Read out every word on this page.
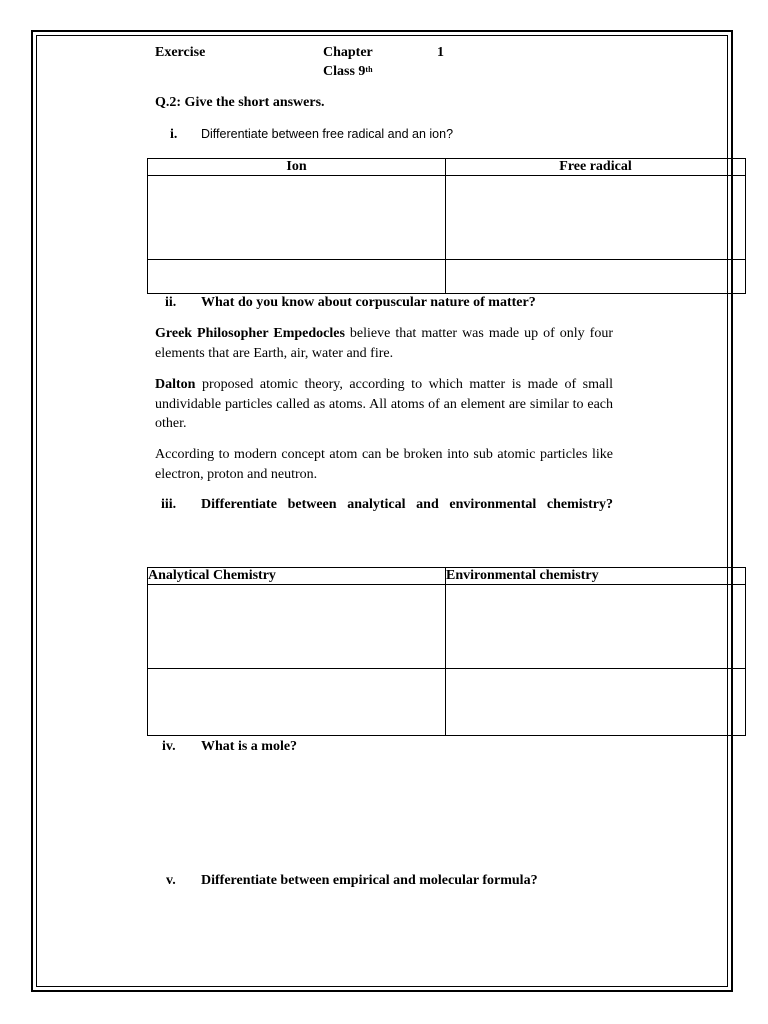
Exercise	Chapter	1
Class 9th
Q.2: Give the short answers.
i. Differentiate between free radical and an ion?
Ion	Free radical

ii. What do you know about corpuscular nature of matter?
Greek Philosopher Empedocles believe that matter was made up of only four elements that are Earth, air, water and fire.
Dalton proposed atomic theory, according to which matter is made of small undividable particles called as atoms. All atoms of an element are similar to each other.
According to modern concept atom can be broken into sub atomic particles like electron, proton and neutron.
iii. Differentiate between analytical and environmental chemistry?
Analytical Chemistry	Environmental chemistry

iv. What is a mole?
v. Differentiate between empirical and molecular formula?
